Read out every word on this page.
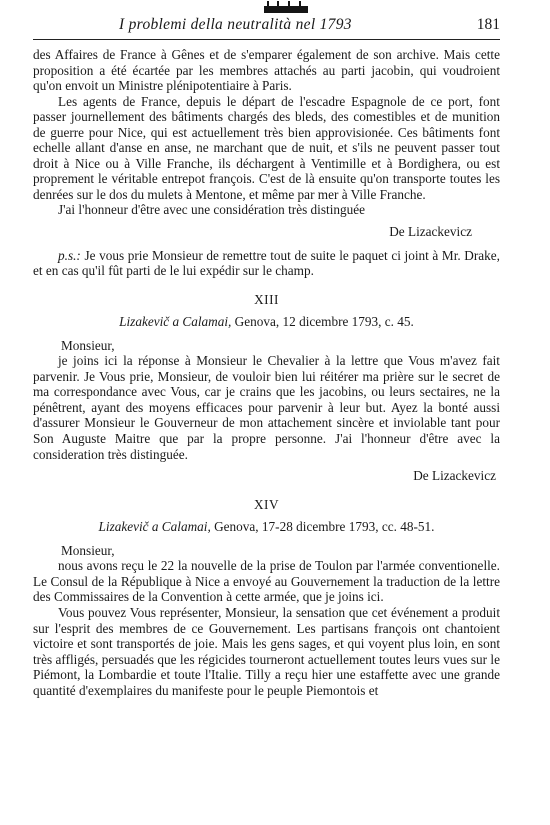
I problemi della neutralità nel 1793	181

des Affaires de France à Gênes et de s'emparer également de son archive. Mais cette proposition a été écartée par les membres attachés au parti jacobin, qui voudroient qu'on envoit un Ministre plénipotentiaire à Paris.

Les agents de France, depuis le départ de l'escadre Espagnole de ce port, font passer journellement des bâtiments chargés des bleds, des comestibles et de munition de guerre pour Nice, qui est actuellement très bien approvisionée. Ces bâtiments font echelle allant d'anse en anse, ne marchant que de nuit, et s'ils ne peuvent passer tout droit à Nice ou à Ville Franche, ils déchargent à Ventimille et à Bordighera, ou est proprement le véritable entrepot françois. C'est de là ensuite qu'on transporte toutes les denrées sur le dos du mulets à Mentone, et même par mer à Ville Franche.

J'ai l'honneur d'être avec une considération très distinguée

De Lizackevicz

p.s.: Je vous prie Monsieur de remettre tout de suite le paquet ci joint à Mr. Drake, et en cas qu'il fût parti de le lui expédir sur le champ.

XIII

Lizakevič a Calamai, Genova, 12 dicembre 1793, c. 45.

Monsieur,

je joins ici la réponse à Monsieur le Chevalier à la lettre que Vous m'avez fait parvenir. Je Vous prie, Monsieur, de vouloir bien lui réitérer ma prière sur le secret de ma correspondance avec Vous, car je crains que les jacobins, ou leurs sectaires, ne la pénêtrent, ayant des moyens efficaces pour parvenir à leur but. Ayez la bonté aussi d'assurer Monsieur le Gouverneur de mon attachement sincère et inviolable tant pour Son Auguste Maitre que par la propre personne. J'ai l'honneur d'être avec la consideration très distinguée.

De Lizackevicz

XIV

Lizakevič a Calamai, Genova, 17-28 dicembre 1793, cc. 48-51.

Monsieur,

nous avons reçu le 22 la nouvelle de la prise de Toulon par l'armée conventionelle. Le Consul de la République à Nice a envoyé au Gouvernement la traduction de la lettre des Commissaires de la Convention à cette armée, que je joins ici.

Vous pouvez Vous représenter, Monsieur, la sensation que cet événement a produit sur l'esprit des membres de ce Gouvernement. Les partisans françois ont chantoient victoire et sont transportés de joie. Mais les gens sages, et qui voyent plus loin, en sont très affligés, persuadés que les régicides tourneront actuellement toutes leurs vues sur le Piémont, la Lombardie et toute l'Italie. Tilly a reçu hier une estaffette avec une grande quantité d'exemplaires du manifeste pour le peuple Piemontois et
